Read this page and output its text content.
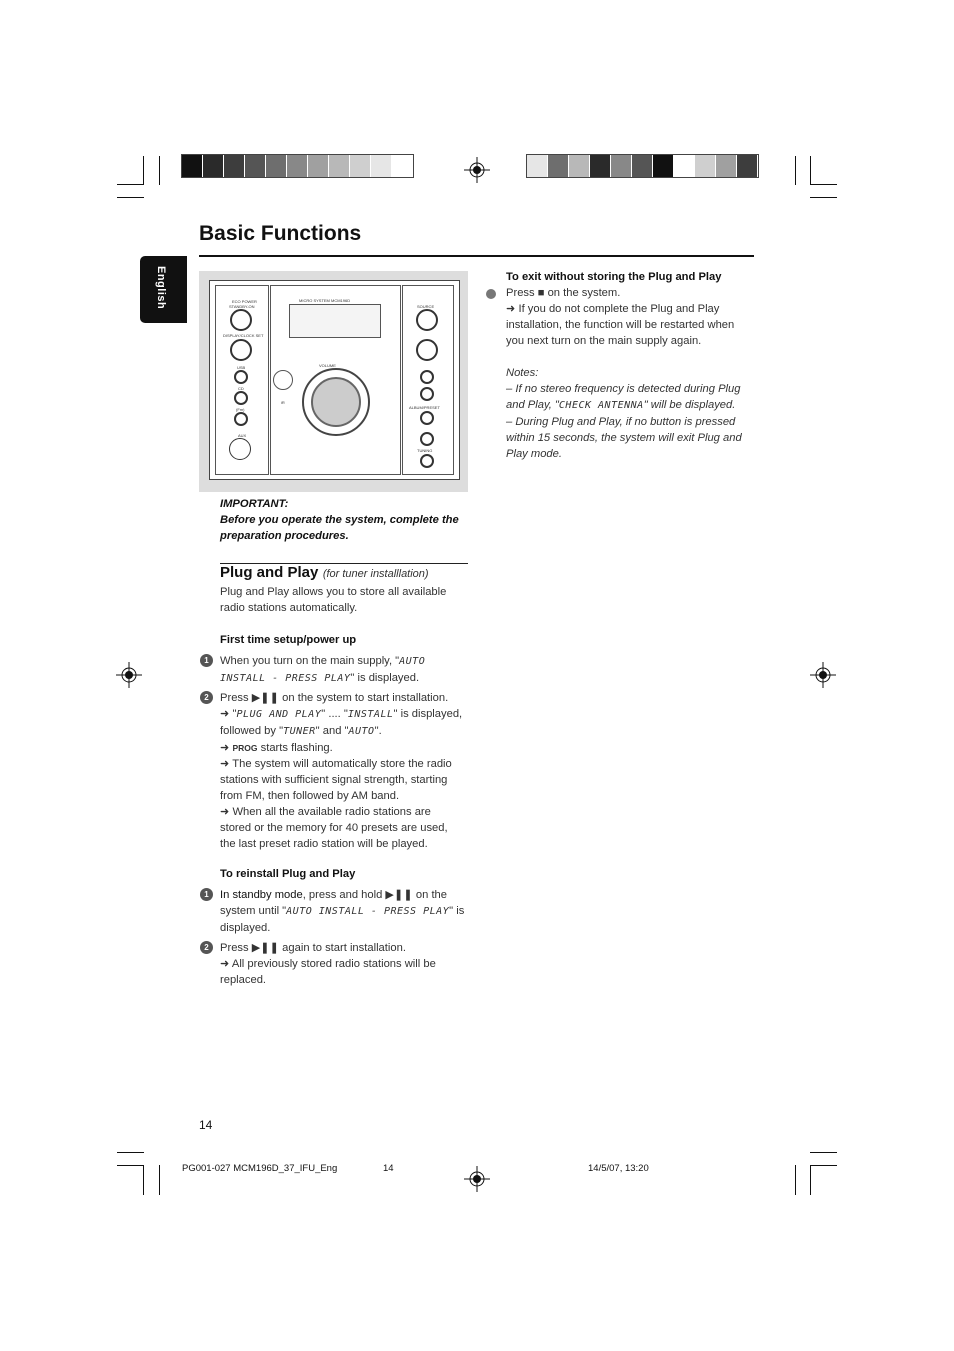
Basic Functions
English	MICRO SYSTEM MCM196D
VOLUME
iR
ECO POWER
STANDBY-ON
DISPLAY/CLOCK SET
USB
CD
(Fm)
AUX
SOURCE
ALBUM/PRESET
TUNING
IMPORTANT:
Before you operate the system, complete the preparation procedures.
Plug and Play (for tuner installlation)
Plug and Play allows you to store all available radio stations automatically.
First time setup/power up
1	When you turn on the main supply, "AUTO INSTALL - PRESS PLAY" is displayed.
2	Press ▶❚❚ on the system to start installation.
➜ "PLUG AND PLAY" .... "INSTALL" is displayed, followed by "TUNER" and "AUTO".
➜ PROG starts flashing.
➜ The system will automatically store the radio stations with sufficient signal strength, starting from FM, then followed by AM band.
➜ When all the available radio stations are stored or the memory for 40 presets are used, the last preset radio station will be played.
To reinstall Plug and Play
1	In standby mode, press and hold ▶❚❚ on the system until "AUTO INSTALL - PRESS PLAY" is displayed.
2	Press ▶❚❚ again to start installation.
➜ All previously stored radio stations will be replaced.
To exit without storing the Plug and Play
Press ■ on the system.
➜ If you do not complete the Plug and Play installation, the function will be restarted when you next turn on the main supply again.
Notes:
– If no stereo frequency is detected during Plug and Play, "CHECK ANTENNA" will be displayed.
– During Plug and Play, if no button is pressed within 15 seconds, the system will exit Plug and Play mode.
14
PG001-027 MCM196D_37_IFU_Eng	14	14/5/07, 13:20
